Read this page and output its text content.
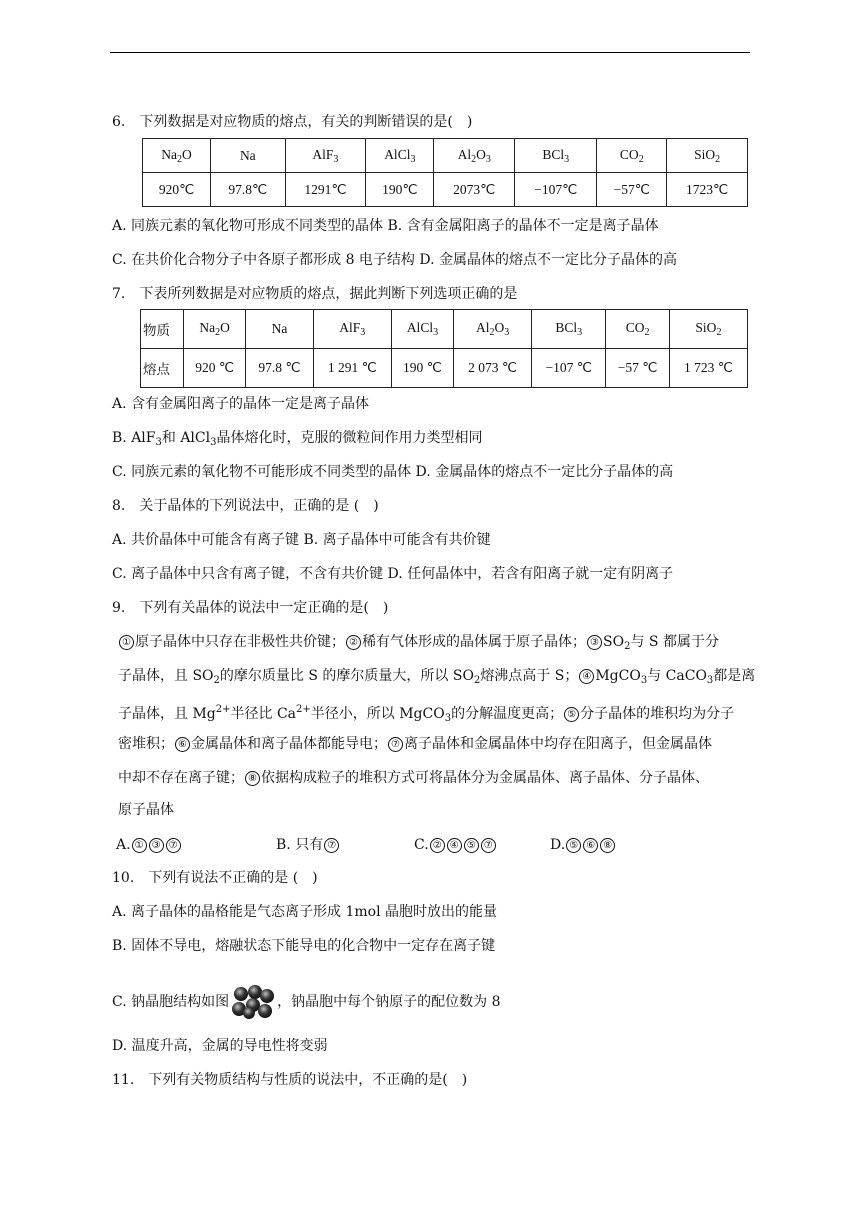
6.　下列数据是对应物质的熔点，有关的判断错误的是(　)
$Na_2O$	Na	AlF$_3$	AlCl$_3$	$Al_2O_3$	BCl$_3$	$CO_2$	SiO$_2$
920℃	97.8℃	1291℃	190℃	2073℃	−107℃	−57℃	1723℃
A. 同族元素的氧化物可形成不同类型的晶体 B. 含有金属阳离子的晶体不一定是离子晶体
C. 在共价化合物分子中各原子都形成 8 电子结构 D. 金属晶体的熔点不一定比分子晶体的高
7.　下表所列数据是对应物质的熔点，据此判断下列选项正确的是
物质	$Na_2O$	Na	AlF$_3$	AlCl$_3$	$Al_2O_3$	BCl$_3$	$CO_2$	SiO$_2$
熔点	920 ℃	97.8 ℃	1 291 ℃	190 ℃	2 073 ℃	−107 ℃	−57 ℃	1 723 ℃
A. 含有金属阳离子的晶体一定是离子晶体
B. AlF$_3$和 AlCl$_3$晶体熔化时，克服的微粒间作用力类型相同
C. 同族元素的氧化物不可能形成不同类型的晶体 D. 金属晶体的熔点不一定比分子晶体的高
8.　关于晶体的下列说法中，正确的是 (　)
A. 共价晶体中可能含有离子键 B. 离子晶体中可能含有共价键
C. 离子晶体中只含有离子键，不含有共价键 D. 任何晶体中，若含有阳离子就一定有阴离子
9.　下列有关晶体的说法中一定正确的是(　)
① 原子晶体中只存在非极性共价键； ② 稀有气体形成的晶体属于原子晶体； ③ $SO_2$与 S 都属于分
子晶体，且 $SO_2$的摩尔质量比 S 的摩尔质量大，所以 $SO_2$熔沸点高于 S； ④ MgCO$_3$与 CaCO$_3$都是离
子晶体，且 $Mg^{2+}$半径比 $Ca^{2+}$半径小，所以 MgCO$_3$的分解温度更高； ⑤ 分子晶体的堆积均为分子
密堆积； ⑥ 金属晶体和离子晶体都能导电； ⑦ 离子晶体和金属晶体中均存在阳离子，但金属晶体
中却不存在离子键； ⑧ 依据构成粒子的堆积方式可将晶体分为金属晶体、离子晶体、分子晶体、
原子晶体
A. ① ③ ⑦	B. 只有 ⑦	C. ② ④ ⑤ ⑦	D. ⑤ ⑥ ⑧
10.　下列有说法不正确的是 (　)
A. 离子晶体的晶格能是气态离子形成 1mol 晶胞时放出的能量
B. 固体不导电，熔融状态下能导电的化合物中一定存在离子键
C. 钠晶胞结构如图	，钠晶胞中每个钠原子的配位数为 8
D. 温度升高，金属的导电性将变弱
11.　下列有关物质结构与性质的说法中，不正确的是(　)
